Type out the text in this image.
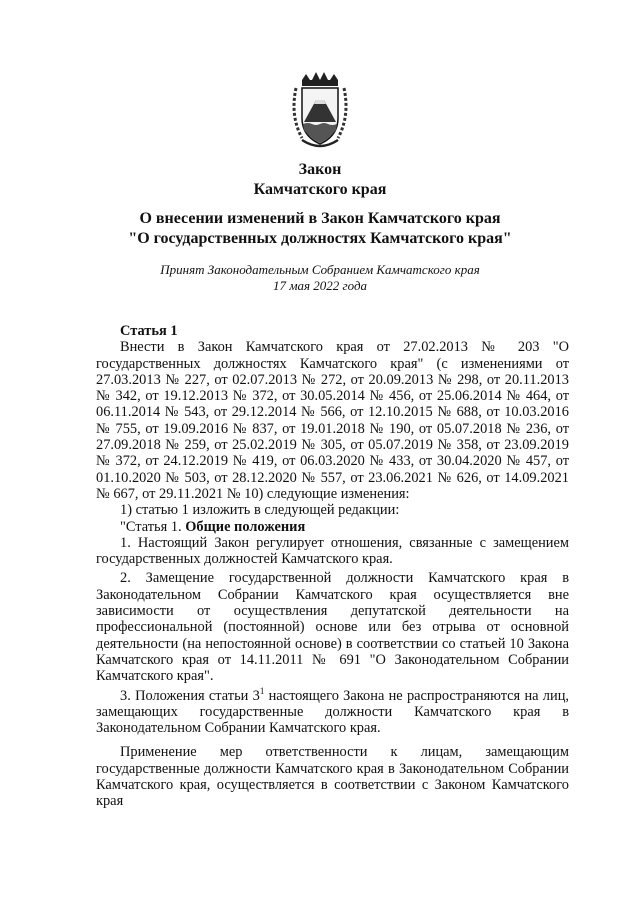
Закон
Камчатского края
О внесении изменений в Закон Камчатского края
"О государственных должностях Камчатского края"
Принят Законодательным Собранием Камчатского края
17 мая 2022 года

Статья 1

Внести в Закон Камчатского края от 27.02.2013 № 203 "О государственных должностях Камчатского края" (с изменениями от 27.03.2013 № 227, от 02.07.2013 № 272, от 20.09.2013 № 298, от 20.11.2013 № 342, от 19.12.2013 № 372, от 30.05.2014 № 456, от 25.06.2014 № 464, от 06.11.2014 № 543, от 29.12.2014 № 566, от 12.10.2015 № 688, от 10.03.2016 № 755, от 19.09.2016 № 837, от 19.01.2018 № 190, от 05.07.2018 № 236, от 27.09.2018 № 259, от 25.02.2019 № 305, от 05.07.2019 № 358, от 23.09.2019 № 372, от 24.12.2019 № 419, от 06.03.2020 № 433, от 30.04.2020 № 457, от 01.10.2020 № 503, от 28.12.2020 № 557, от 23.06.2021 № 626, от 14.09.2021 № 667, от 29.11.2021 № 10) следующие изменения:

1) статью 1 изложить в следующей редакции:

"Статья 1. Общие положения

1. Настоящий Закон регулирует отношения, связанные с замещением государственных должностей Камчатского края.

2. Замещение государственной должности Камчатского края в Законодательном Собрании Камчатского края осуществляется вне зависимости от осуществления депутатской деятельности на профессиональной (постоянной) основе или без отрыва от основной деятельности (на непостоянной основе) в соответствии со статьей 10 Закона Камчатского края от 14.11.2011 № 691 "О Законодательном Собрании Камчатского края".

3. Положения статьи $3^1$ настоящего Закона не распространяются на лиц, замещающих государственные должности Камчатского края в Законодательном Собрании Камчатского края.

Применение мер ответственности к лицам, замещающим государственные должности Камчатского края в Законодательном Собрании Камчатского края, осуществляется в соответствии с Законом Камчатского края
